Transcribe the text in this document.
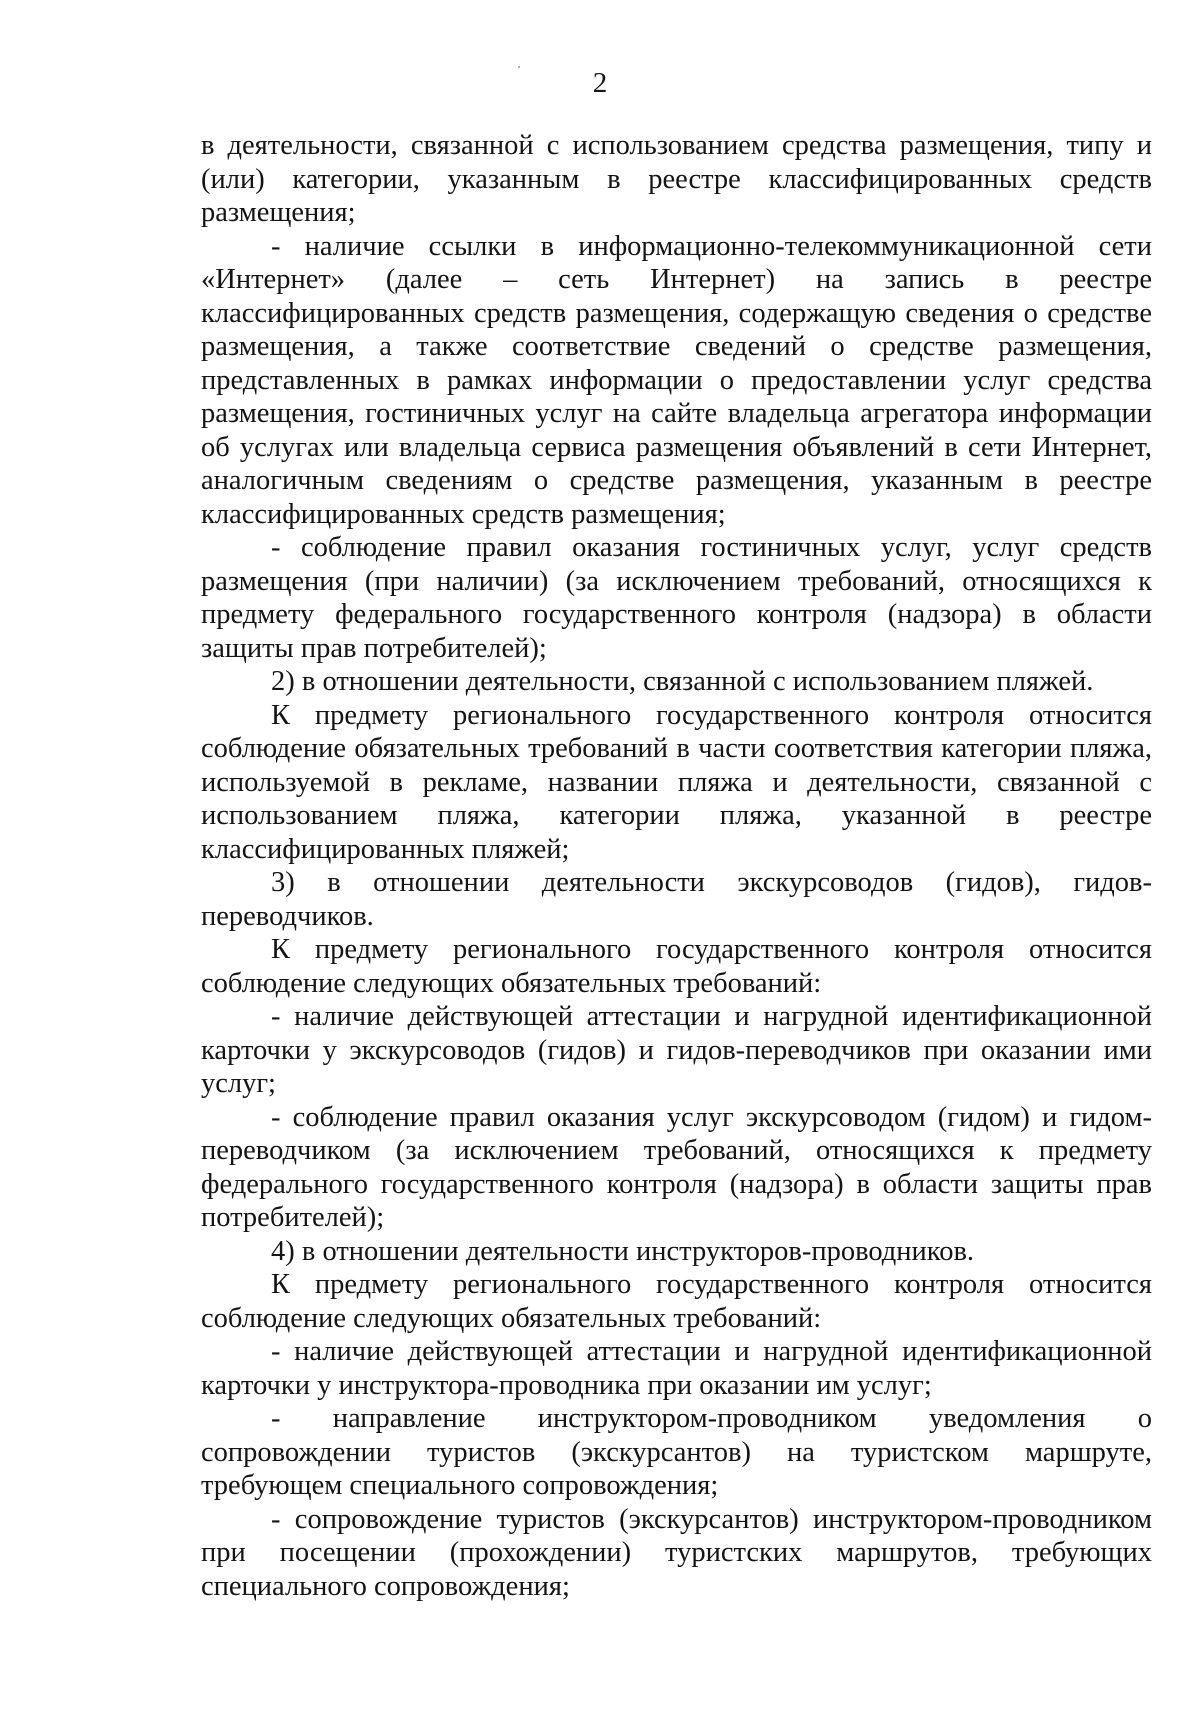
2

в деятельности, связанной с использованием средства размещения, типу и (или) категории, указанным в реестре классифицированных средств размещения;

- наличие ссылки в информационно-телекоммуникационной сети «Интернет» (далее – сеть Интернет) на запись в реестре классифицированных средств размещения, содержащую сведения о средстве размещения, а также соответствие сведений о средстве размещения, представленных в рамках информации о предоставлении услуг средства размещения, гостиничных услуг на сайте владельца агрегатора информации об услугах или владельца сервиса размещения объявлений в сети Интернет, аналогичным сведениям о средстве размещения, указанным в реестре классифицированных средств размещения;

- соблюдение правил оказания гостиничных услуг, услуг средств размещения (при наличии) (за исключением требований, относящихся к предмету федерального государственного контроля (надзора) в области защиты прав потребителей);

2) в отношении деятельности, связанной с использованием пляжей.

К предмету регионального государственного контроля относится соблюдение обязательных требований в части соответствия категории пляжа, используемой в рекламе, названии пляжа и деятельности, связанной с использованием пляжа, категории пляжа, указанной в реестре классифицированных пляжей;

3) в отношении деятельности экскурсоводов (гидов), гидов-переводчиков.

К предмету регионального государственного контроля относится соблюдение следующих обязательных требований:

- наличие действующей аттестации и нагрудной идентификационной карточки у экскурсоводов (гидов) и гидов-переводчиков при оказании ими услуг;

- соблюдение правил оказания услуг экскурсоводом (гидом) и гидом-переводчиком (за исключением требований, относящихся к предмету федерального государственного контроля (надзора) в области защиты прав потребителей);

4) в отношении деятельности инструкторов-проводников.

К предмету регионального государственного контроля относится соблюдение следующих обязательных требований:

- наличие действующей аттестации и нагрудной идентификационной карточки у инструктора-проводника при оказании им услуг;

- направление инструктором-проводником уведомления о сопровождении туристов (экскурсантов) на туристском маршруте, требующем специального сопровождения;

- сопровождение туристов (экскурсантов) инструктором-проводником при посещении (прохождении) туристских маршрутов, требующих специального сопровождения;
